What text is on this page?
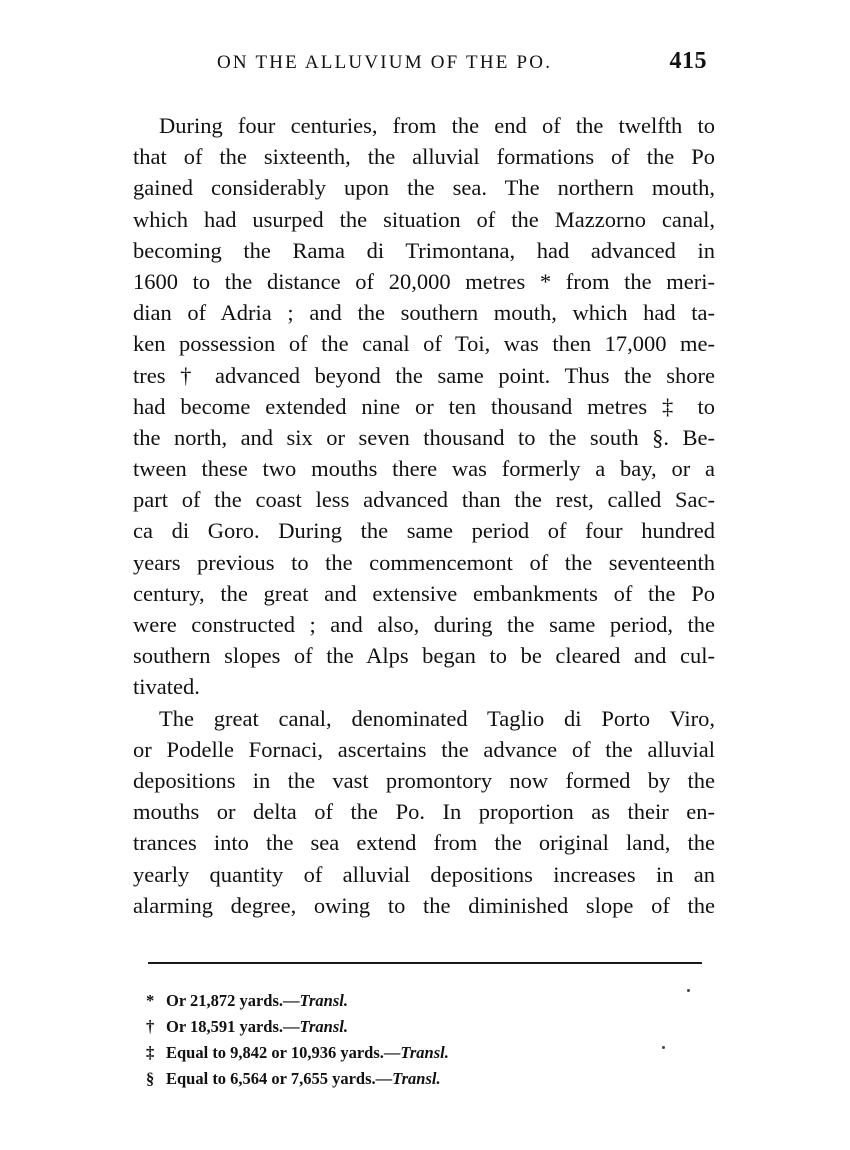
ON THE ALLUVIUM OF THE PO.	415
During four centuries, from the end of the twelfth to
that of the sixteenth, the alluvial formations of the Po
gained considerably upon the sea. The northern mouth,
which had usurped the situation of the Mazzorno canal,
becoming the Rama di Trimontana, had advanced in
1600 to the distance of 20,000 metres * from the meri-
dian of Adria ; and the southern mouth, which had ta-
ken possession of the canal of Toi, was then 17,000 me-
tres † advanced beyond the same point. Thus the shore
had become extended nine or ten thousand metres ‡ to
the north, and six or seven thousand to the south §. Be-
tween these two mouths there was formerly a bay, or a
part of the coast less advanced than the rest, called Sac-
ca di Goro. During the same period of four hundred
years previous to the commencemont of the seventeenth
century, the great and extensive embankments of the Po
were constructed ; and also, during the same period, the
southern slopes of the Alps began to be cleared and cul-
tivated.
The great canal, denominated Taglio di Porto Viro,
or Podelle Fornaci, ascertains the advance of the alluvial
depositions in the vast promontory now formed by the
mouths or delta of the Po. In proportion as their en-
trances into the sea extend from the original land, the
yearly quantity of alluvial depositions increases in an
alarming degree, owing to the diminished slope of the
* Or 21,872 yards.—Transl.
† Or 18,591 yards.—Transl.
‡ Equal to 9,842 or 10,936 yards.—Transl.
§ Equal to 6,564 or 7,655 yards.—Transl.
